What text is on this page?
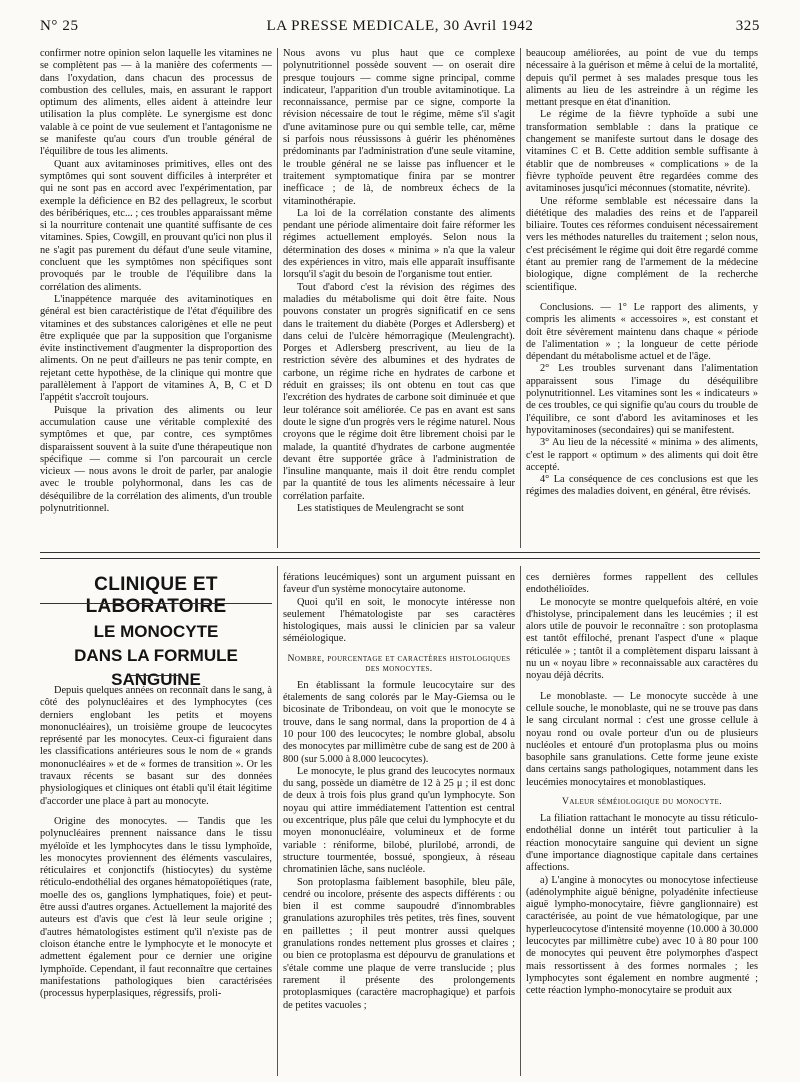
N° 25	LA PRESSE MEDICALE, 30 Avril 1942	325

confirmer notre opinion selon laquelle les vitamines ne se complètent pas — à la manière des coferments — dans l'oxydation, dans chacun des processus de combustion des cellules, mais, en assurant le rapport optimum des aliments, elles aident à atteindre leur utilisation la plus complète. Le synergisme est donc valable à ce point de vue seulement et l'antagonisme ne se manifeste qu'au cours d'un trouble général de l'équilibre de tous les aliments.

Quant aux avitaminoses primitives, elles ont des symptômes qui sont souvent difficiles à interpréter et qui ne sont pas en accord avec l'expérimentation, par exemple la déficience en B2 des pellagreux, le scorbut des béribériques, etc... ; ces troubles apparaissant même si la nourriture contenait une quantité suffisante de ces vitamines. Spies, Cowgill, en prouvant qu'ici non plus il ne s'agit pas purement du défaut d'une seule vitamine, concluent que les symptômes non spécifiques sont provoqués par le trouble de l'équilibre dans la corrélation des aliments.

L'inappétence marquée des avitaminotiques en général est bien caractéristique de l'état d'équilibre des vitamines et des substances calorigènes et elle ne peut être expliquée que par la supposition que l'organisme évite instinctivement d'augmenter la disproportion des aliments. On ne peut d'ailleurs ne pas tenir compte, en rejetant cette hypothèse, de la clinique qui montre que parallèlement à l'apport de vitamines A, B, C et D l'appétit s'accroît toujours.

Puisque la privation des aliments ou leur accumulation cause une véritable complexité des symptômes et que, par contre, ces symptômes disparaissent souvent à la suite d'une thérapeutique non spécifique — comme si l'on parcourait un cercle vicieux — nous avons le droit de parler, par analogie avec le trouble polyhormonal, dans les cas de déséquilibre de la corrélation des aliments, d'un trouble polynutritionnel.

Nous avons vu plus haut que ce complexe polynutritionnel possède souvent — on oserait dire presque toujours — comme signe principal, comme indicateur, l'apparition d'un trouble avitaminotique. La reconnaissance, permise par ce signe, comporte la révision nécessaire de tout le régime, même s'il s'agit d'une avitaminose pure ou qui semble telle, car, même si parfois nous réussissons à guérir les phénomènes prédominants par l'administration d'une seule vitamine, le trouble général ne se laisse pas influencer et le traitement symptomatique finira par se montrer inefficace ; de là, de nombreux échecs de la vitaminothérapie.

La loi de la corrélation constante des aliments pendant une période alimentaire doit faire réformer les régimes actuellement employés. Selon nous la détermination des doses « minima » n'a que la valeur des expériences in vitro, mais elle apparaît insuffisante lorsqu'il s'agit du besoin de l'organisme tout entier.

Tout d'abord c'est la révision des régimes des maladies du métabolisme qui doit être faite. Nous pouvons constater un progrès significatif en ce sens dans le traitement du diabète (Porges et Adlersberg) et dans celui de l'ulcère hémorragique (Meulengracht). Porges et Adlersberg prescrivent, au lieu de la restriction sévère des albumines et des hydrates de carbone, un régime riche en hydrates de carbone et réduit en graisses; ils ont obtenu en tout cas que l'excrétion des hydrates de carbone soit diminuée et que leur tolérance soit améliorée. Ce pas en avant est sans doute le signe d'un progrès vers le régime naturel. Nous croyons que le régime doit être librement choisi par le malade, la quantité d'hydrates de carbone augmentée devant être supportée grâce à l'administration de l'insuline manquante, mais il doit être rendu complet par la quantité de tous les aliments nécessaire à leur corrélation parfaite.

Les statistiques de Meulengracht se sont

beaucoup améliorées, au point de vue du temps nécessaire à la guérison et même à celui de la mortalité, depuis qu'il permet à ses malades presque tous les aliments au lieu de les astreindre à un régime les mettant presque en état d'inanition.

Le régime de la fièvre typhoïde a subi une transformation semblable : dans la pratique ce changement se manifeste surtout dans le dosage des vitamines C et B. Cette addition semble suffisante à établir que de nombreuses « complications » de la fièvre typhoïde peuvent être regardées comme des avitaminoses jusqu'ici méconnues (stomatite, névrite).

Une réforme semblable est nécessaire dans la diététique des maladies des reins et de l'appareil biliaire. Toutes ces réformes conduisent nécessairement vers les méthodes naturelles du traitement ; selon nous, c'est précisément le régime qui doit être regardé comme étant au premier rang de l'armement de la médecine biologique, digne complément de la recherche scientifique.

Conclusions. — 1° Le rapport des aliments, y compris les aliments « accessoires », est constant et doit être sévèrement maintenu dans chaque « période de l'alimentation » ; la longueur de cette période dépendant du métabolisme actuel et de l'âge.

2° Les troubles survenant dans l'alimentation apparaissent sous l'image du déséquilibre polynutritionnel. Les vitamines sont les « indicateurs » de ces troubles, ce qui signifie qu'au cours du trouble de l'équilibre, ce sont d'abord les avitaminoses et les hypovitaminoses (secondaires) qui se manifestent.

3° Au lieu de la nécessité « minima » des aliments, c'est le rapport « optimum » des aliments qui doit être accepté.

4° La conséquence de ces conclusions est que les régimes des maladies doivent, en général, être révisés.

CLINIQUE ET LABORATOIRE
LE MONOCYTE
DANS LA FORMULE SANGUINE

Depuis quelques années on reconnaît dans le sang, à côté des polynucléaires et des lymphocytes (ces derniers englobant les petits et moyens mononucléaires), un troisième groupe de leucocytes représenté par les monocytes. Ceux-ci figuraient dans les classifications antérieures sous le nom de « grands mononucléaires » et de « formes de transition ». Or les travaux récents se basant sur des données physiologiques et cliniques ont établi qu'il était légitime d'accorder une place à part au monocyte.

Origine des monocytes. — Tandis que les polynucléaires prennent naissance dans le tissu myéloïde et les lymphocytes dans le tissu lymphoïde, les monocytes proviennent des éléments vasculaires, réticulaires et conjonctifs (histiocytes) du système réticulo-endothélial des organes hématopoïétiques (rate, moelle des os, ganglions lymphatiques, foie) et peut-être aussi d'autres organes. Actuellement la majorité des auteurs est d'avis que c'est là leur seule origine ; d'autres hématologistes estiment qu'il n'existe pas de cloison étanche entre le lymphocyte et le monocyte et admettent également pour ce dernier une origine lymphoïde. Cependant, il faut reconnaître que certaines manifestations pathologiques bien caractérisées (processus hyperplasiques, régressifs, proli-

férations leucémiques) sont un argument puissant en faveur d'un système monocytaire autonome.

Quoi qu'il en soit, le monocyte intéresse non seulement l'hématologiste par ses caractères histologiques, mais aussi le clinicien par sa valeur séméiologique.

Nombre, pourcentage et caractères histologiques des monocytes.

En établissant la formule leucocytaire sur des étalements de sang colorés par le May-Giemsa ou le bicosinate de Tribondeau, on voit que le monocyte se trouve, dans le sang normal, dans la proportion de 4 à 10 pour 100 des leucocytes; le nombre global, absolu des monocytes par millimètre cube de sang est de 200 à 800 (sur 5.000 à 8.000 leucocytes).

Le monocyte, le plus grand des leucocytes normaux du sang, possède un diamètre de 12 à 25 μ ; il est donc de deux à trois fois plus grand qu'un lymphocyte. Son noyau qui attire immédiatement l'attention est central ou excentrique, plus pâle que celui du lymphocyte et du moyen mononucléaire, volumineux et de forme variable : réniforme, bilobé, plurilobé, arrondi, de structure tourmentée, bossué, spongieux, à réseau chromatinien lâche, sans nucléole.

Son protoplasma faiblement basophile, bleu pâle, cendré ou incolore, présente des aspects différents : ou bien il est comme saupoudré d'innombrables granulations azurophiles très petites, très fines, souvent en paillettes ; il peut montrer aussi quelques granulations rondes nettement plus grosses et claires ; ou bien ce protoplasma est dépourvu de granulations et s'étale comme une plaque de verre translucide ; plus rarement il présente des prolongements protoplasmiques (caractère macrophagique) et parfois de petites vacuoles ;

ces dernières formes rappellent des cellules endothélioïdes.

Le monocyte se montre quelquefois altéré, en voie d'histolyse, principalement dans les leucémies ; il est alors utile de pouvoir le reconnaître : son protoplasma est tantôt effiloché, prenant l'aspect d'une « plaque réticulée » ; tantôt il a complètement disparu laissant à nu un « noyau libre » reconnaissable aux caractères du noyau déjà décrits.

Le monoblaste. — Le monocyte succède à une cellule souche, le monoblaste, qui ne se trouve pas dans le sang circulant normal : c'est une grosse cellule à noyau rond ou ovale porteur d'un ou de plusieurs nucléoles et entouré d'un protoplasma plus ou moins basophile sans granulations. Cette forme jeune existe dans certains sangs pathologiques, notamment dans les leucémies monocytaires et monoblastiques.

Valeur séméiologique du monocyte.

La filiation rattachant le monocyte au tissu réticulo-endothélial donne un intérêt tout particulier à la réaction monocytaire sanguine qui devient un signe d'une importance diagnostique capitale dans certaines affections.

a) L'angine à monocytes ou monocytose infectieuse (adénolymphite aiguë bénigne, polyadénite infectieuse aiguë lympho-monocytaire, fièvre ganglionnaire) est caractérisée, au point de vue hématologique, par une hyperleucocytose d'intensité moyenne (10.000 à 30.000 leucocytes par millimètre cube) avec 10 à 80 pour 100 de monocytes qui peuvent être polymorphes d'aspect mais ressortissent à des formes normales ; les lymphocytes sont également en nombre augmenté ; cette réaction lympho-monocytaire se produit aux
